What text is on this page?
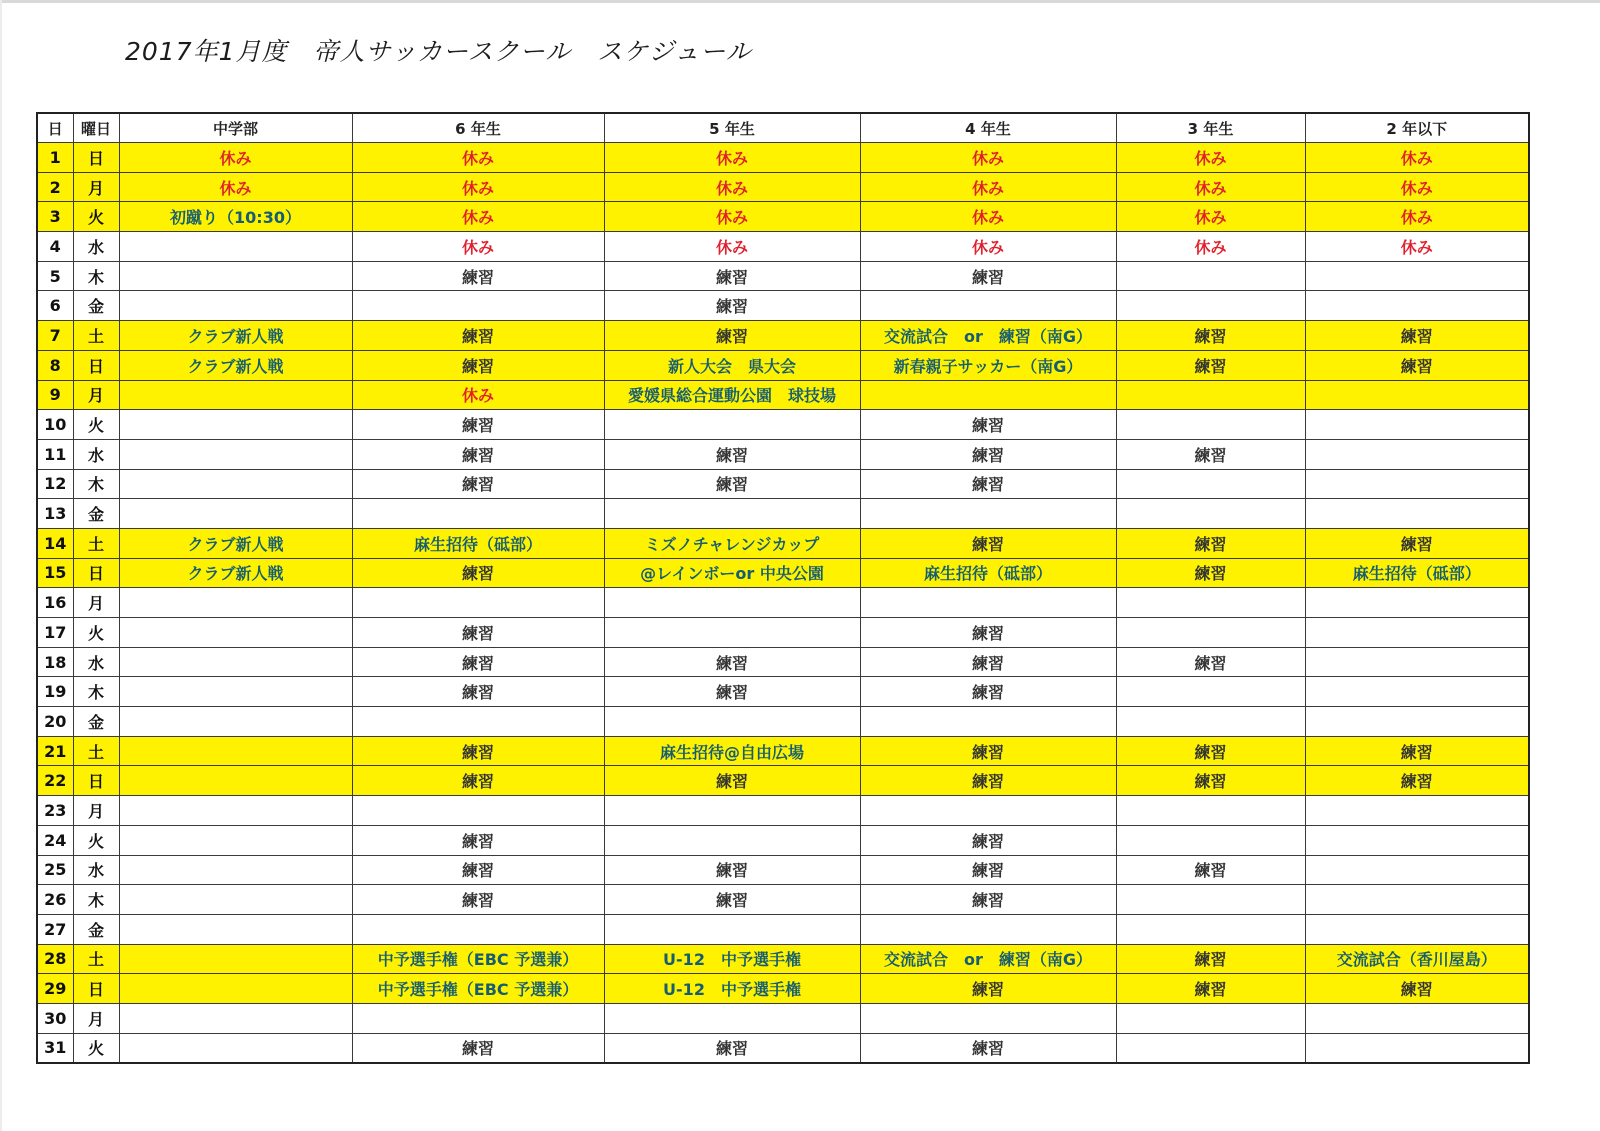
2017年1月度　帝人サッカースクール　スケジュール
日	曜日	中学部	6 年生	5 年生	4 年生	3 年生	2 年以下
1	日	休み	休み	休み	休み	休み	休み
2	月	休み	休み	休み	休み	休み	休み
3	火	初蹴り（10:30）	休み	休み	休み	休み	休み
4	水		休み	休み	休み	休み	休み
5	木		練習	練習	練習		
6	金			練習			
7	土	クラブ新人戦	練習	練習	交流試合　or　練習（南G）	練習	練習
8	日	クラブ新人戦	練習	新人大会　県大会	新春親子サッカー（南G）	練習	練習
9	月		休み	愛媛県総合運動公園　球技場			
10	火		練習		練習		
11	水		練習	練習	練習	練習	
12	木		練習	練習	練習		
13	金						
14	土	クラブ新人戦	麻生招待（砥部）	ミズノチャレンジカップ	練習	練習	練習
15	日	クラブ新人戦	練習	@レインボーor 中央公園	麻生招待（砥部）	練習	麻生招待（砥部）
16	月						
17	火		練習		練習		
18	水		練習	練習	練習	練習	
19	木		練習	練習	練習		
20	金						
21	土		練習	麻生招待@自由広場	練習	練習	練習
22	日		練習	練習	練習	練習	練習
23	月						
24	火		練習		練習		
25	水		練習	練習	練習	練習	
26	木		練習	練習	練習		
27	金						
28	土		中予選手権（EBC 予選兼）	U-12　中予選手権	交流試合　or　練習（南G）	練習	交流試合（香川屋島）
29	日		中予選手権（EBC 予選兼）	U-12　中予選手権	練習	練習	練習
30	月						
31	火		練習	練習	練習		
